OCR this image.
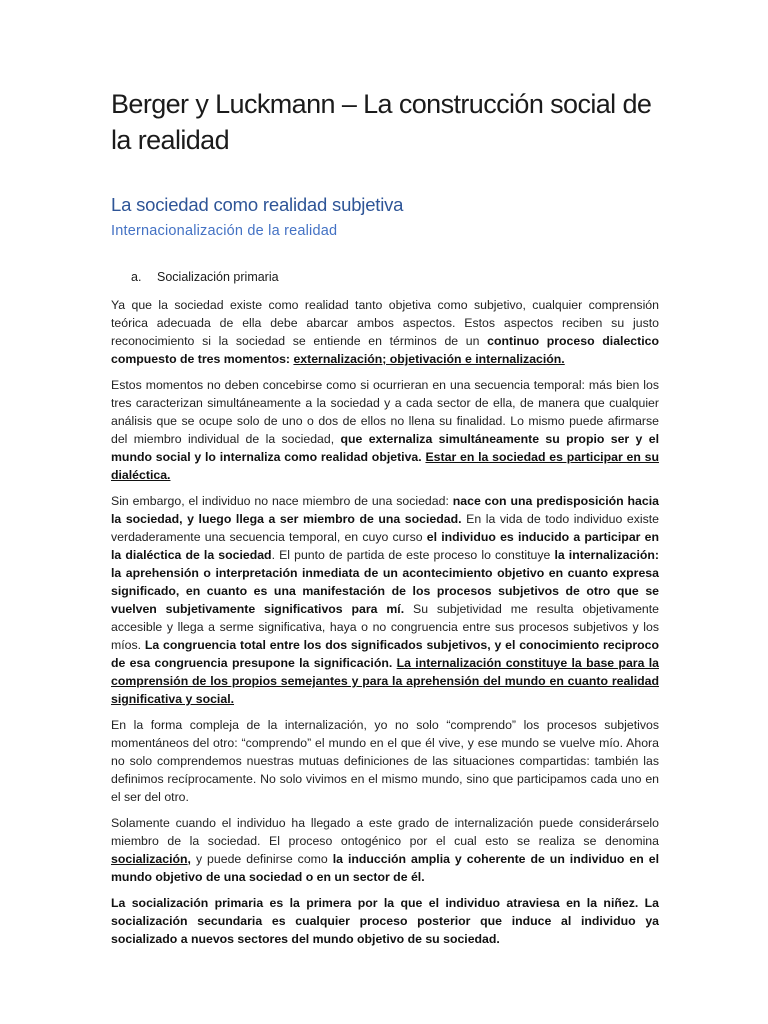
Berger y Luckmann – La construcción social de la realidad
La sociedad como realidad subjetiva
Internacionalización de la realidad
a. Socialización primaria

Ya que la sociedad existe como realidad tanto objetiva como subjetivo, cualquier comprensión teórica adecuada de ella debe abarcar ambos aspectos. Estos aspectos reciben su justo reconocimiento si la sociedad se entiende en términos de un continuo proceso dialectico compuesto de tres momentos: externalización; objetivación e internalización.

Estos momentos no deben concebirse como si ocurrieran en una secuencia temporal: más bien los tres caracterizan simultáneamente a la sociedad y a cada sector de ella, de manera que cualquier análisis que se ocupe solo de uno o dos de ellos no llena su finalidad. Lo mismo puede afirmarse del miembro individual de la sociedad, que externaliza simultáneamente su propio ser y el mundo social y lo internaliza como realidad objetiva. Estar en la sociedad es participar en su dialéctica.

Sin embargo, el individuo no nace miembro de una sociedad: nace con una predisposición hacia la sociedad, y luego llega a ser miembro de una sociedad. En la vida de todo individuo existe verdaderamente una secuencia temporal, en cuyo curso el individuo es inducido a participar en la dialéctica de la sociedad. El punto de partida de este proceso lo constituye la internalización: la aprehensión o interpretación inmediata de un acontecimiento objetivo en cuanto expresa significado, en cuanto es una manifestación de los procesos subjetivos de otro que se vuelven subjetivamente significativos para mí. Su subjetividad me resulta objetivamente accesible y llega a serme significativa, haya o no congruencia entre sus procesos subjetivos y los míos. La congruencia total entre los dos significados subjetivos, y el conocimiento reciproco de esa congruencia presupone la significación. La internalización constituye la base para la comprensión de los propios semejantes y para la aprehensión del mundo en cuanto realidad significativa y social.

En la forma compleja de la internalización, yo no solo “comprendo” los procesos subjetivos momentáneos del otro: “comprendo” el mundo en el que él vive, y ese mundo se vuelve mío. Ahora no solo comprendemos nuestras mutuas definiciones de las situaciones compartidas: también las definimos recíprocamente. No solo vivimos en el mismo mundo, sino que participamos cada uno en el ser del otro.

Solamente cuando el individuo ha llegado a este grado de internalización puede considerárselo miembro de la sociedad. El proceso ontogénico por el cual esto se realiza se denomina socialización, y puede definirse como la inducción amplia y coherente de un individuo en el mundo objetivo de una sociedad o en un sector de él.

La socialización primaria es la primera por la que el individuo atraviesa en la niñez. La socialización secundaria es cualquier proceso posterior que induce al individuo ya socializado a nuevos sectores del mundo objetivo de su sociedad.
